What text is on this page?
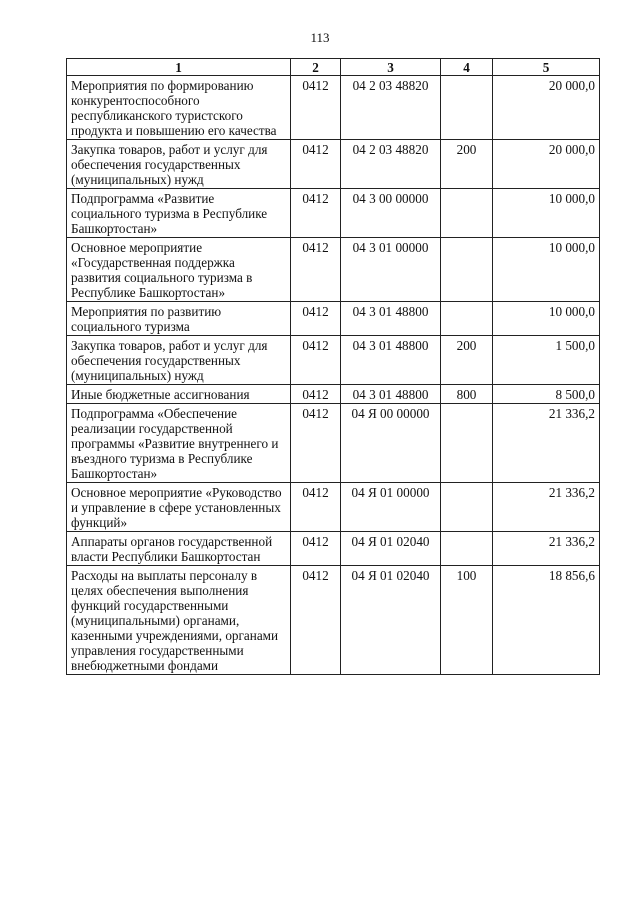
113
1	2	3	4	5
Мероприятия по формированию конкурентоспособного республиканского туристского продукта и повышению его качества	0412	04 2 03 48820		20 000,0
Закупка товаров, работ и услуг для обеспечения государственных (муниципальных) нужд	0412	04 2 03 48820	200	20 000,0
Подпрограмма «Развитие социального туризма в Республике Башкортостан»	0412	04 3 00 00000		10 000,0
Основное мероприятие «Государственная поддержка развития социального туризма в Республике Башкортостан»	0412	04 3 01 00000		10 000,0
Мероприятия по развитию социального туризма	0412	04 3 01 48800		10 000,0
Закупка товаров, работ и услуг для обеспечения государственных (муниципальных) нужд	0412	04 3 01 48800	200	1 500,0
Иные бюджетные ассигнования	0412	04 3 01 48800	800	8 500,0
Подпрограмма «Обеспечение реализации государственной программы «Развитие внутреннего и въездного туризма в Республике Башкортостан»	0412	04 Я 00 00000		21 336,2
Основное мероприятие «Руководство и управление в сфере установленных функций»	0412	04 Я 01 00000		21 336,2
Аппараты органов государственной власти Республики Башкортостан	0412	04 Я 01 02040		21 336,2
Расходы на выплаты персоналу в целях обеспечения выполнения функций государственными (муниципальными) органами, казенными учреждениями, органами управления государственными внебюджетными фондами	0412	04 Я 01 02040	100	18 856,6
